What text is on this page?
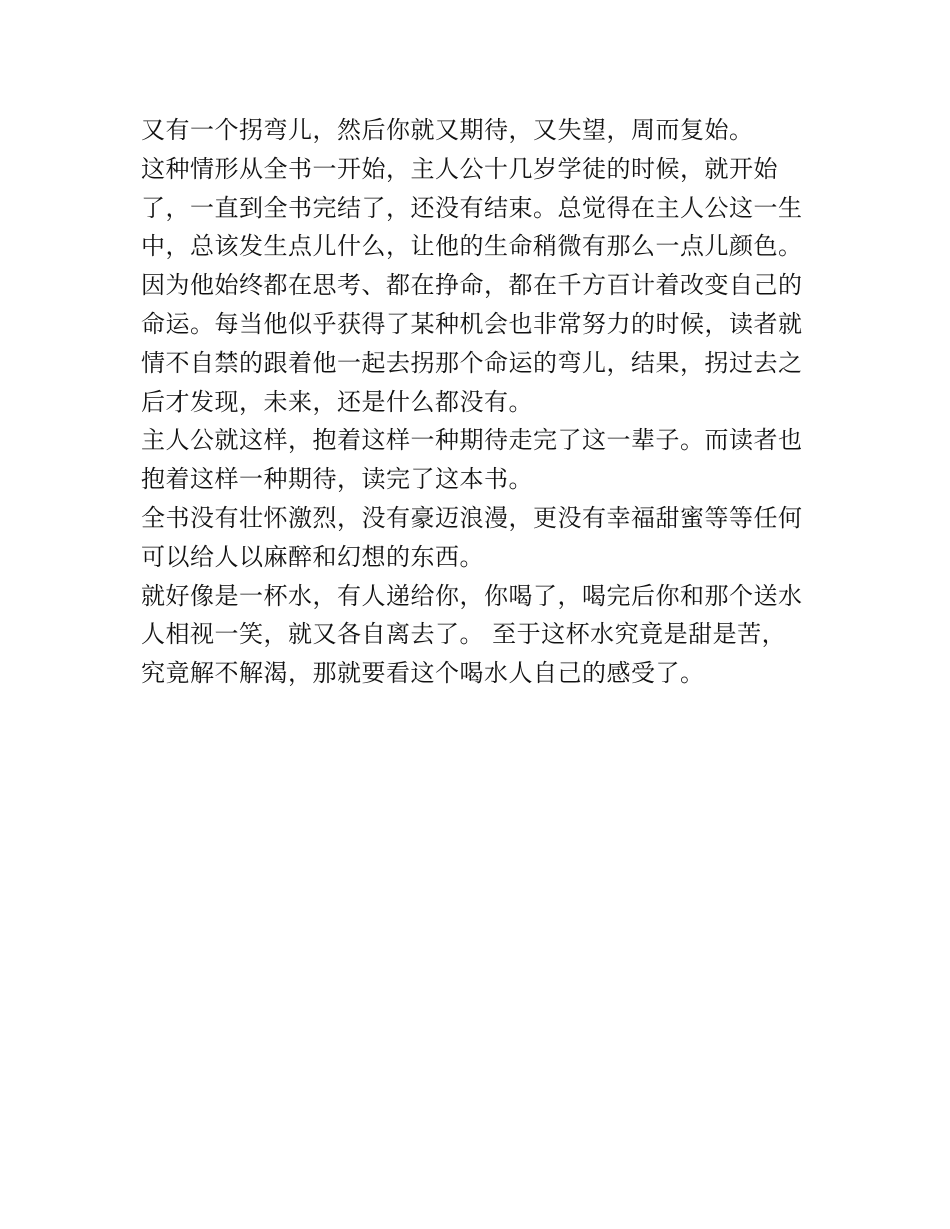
又有一个拐弯儿，然后你就又期待，又失望，周而复始。
这种情形从全书一开始，主人公十几岁学徒的时候，就开始
了，一直到全书完结了，还没有结束。总觉得在主人公这一生
中，总该发生点儿什么，让他的生命稍微有那么一点儿颜色。
因为他始终都在思考、都在挣命，都在千方百计着改变自己的
命运。每当他似乎获得了某种机会也非常努力的时候，读者就
情不自禁的跟着他一起去拐那个命运的弯儿，结果，拐过去之
后才发现，未来，还是什么都没有。
主人公就这样，抱着这样一种期待走完了这一辈子。而读者也
抱着这样一种期待，读完了这本书。
全书没有壮怀激烈，没有豪迈浪漫，更没有幸福甜蜜等等任何
可以给人以麻醉和幻想的东西。
就好像是一杯水，有人递给你，你喝了，喝完后你和那个送水
人相视一笑，就又各自离去了。 至于这杯水究竟是甜是苦，
究竟解不解渴，那就要看这个喝水人自己的感受了。
